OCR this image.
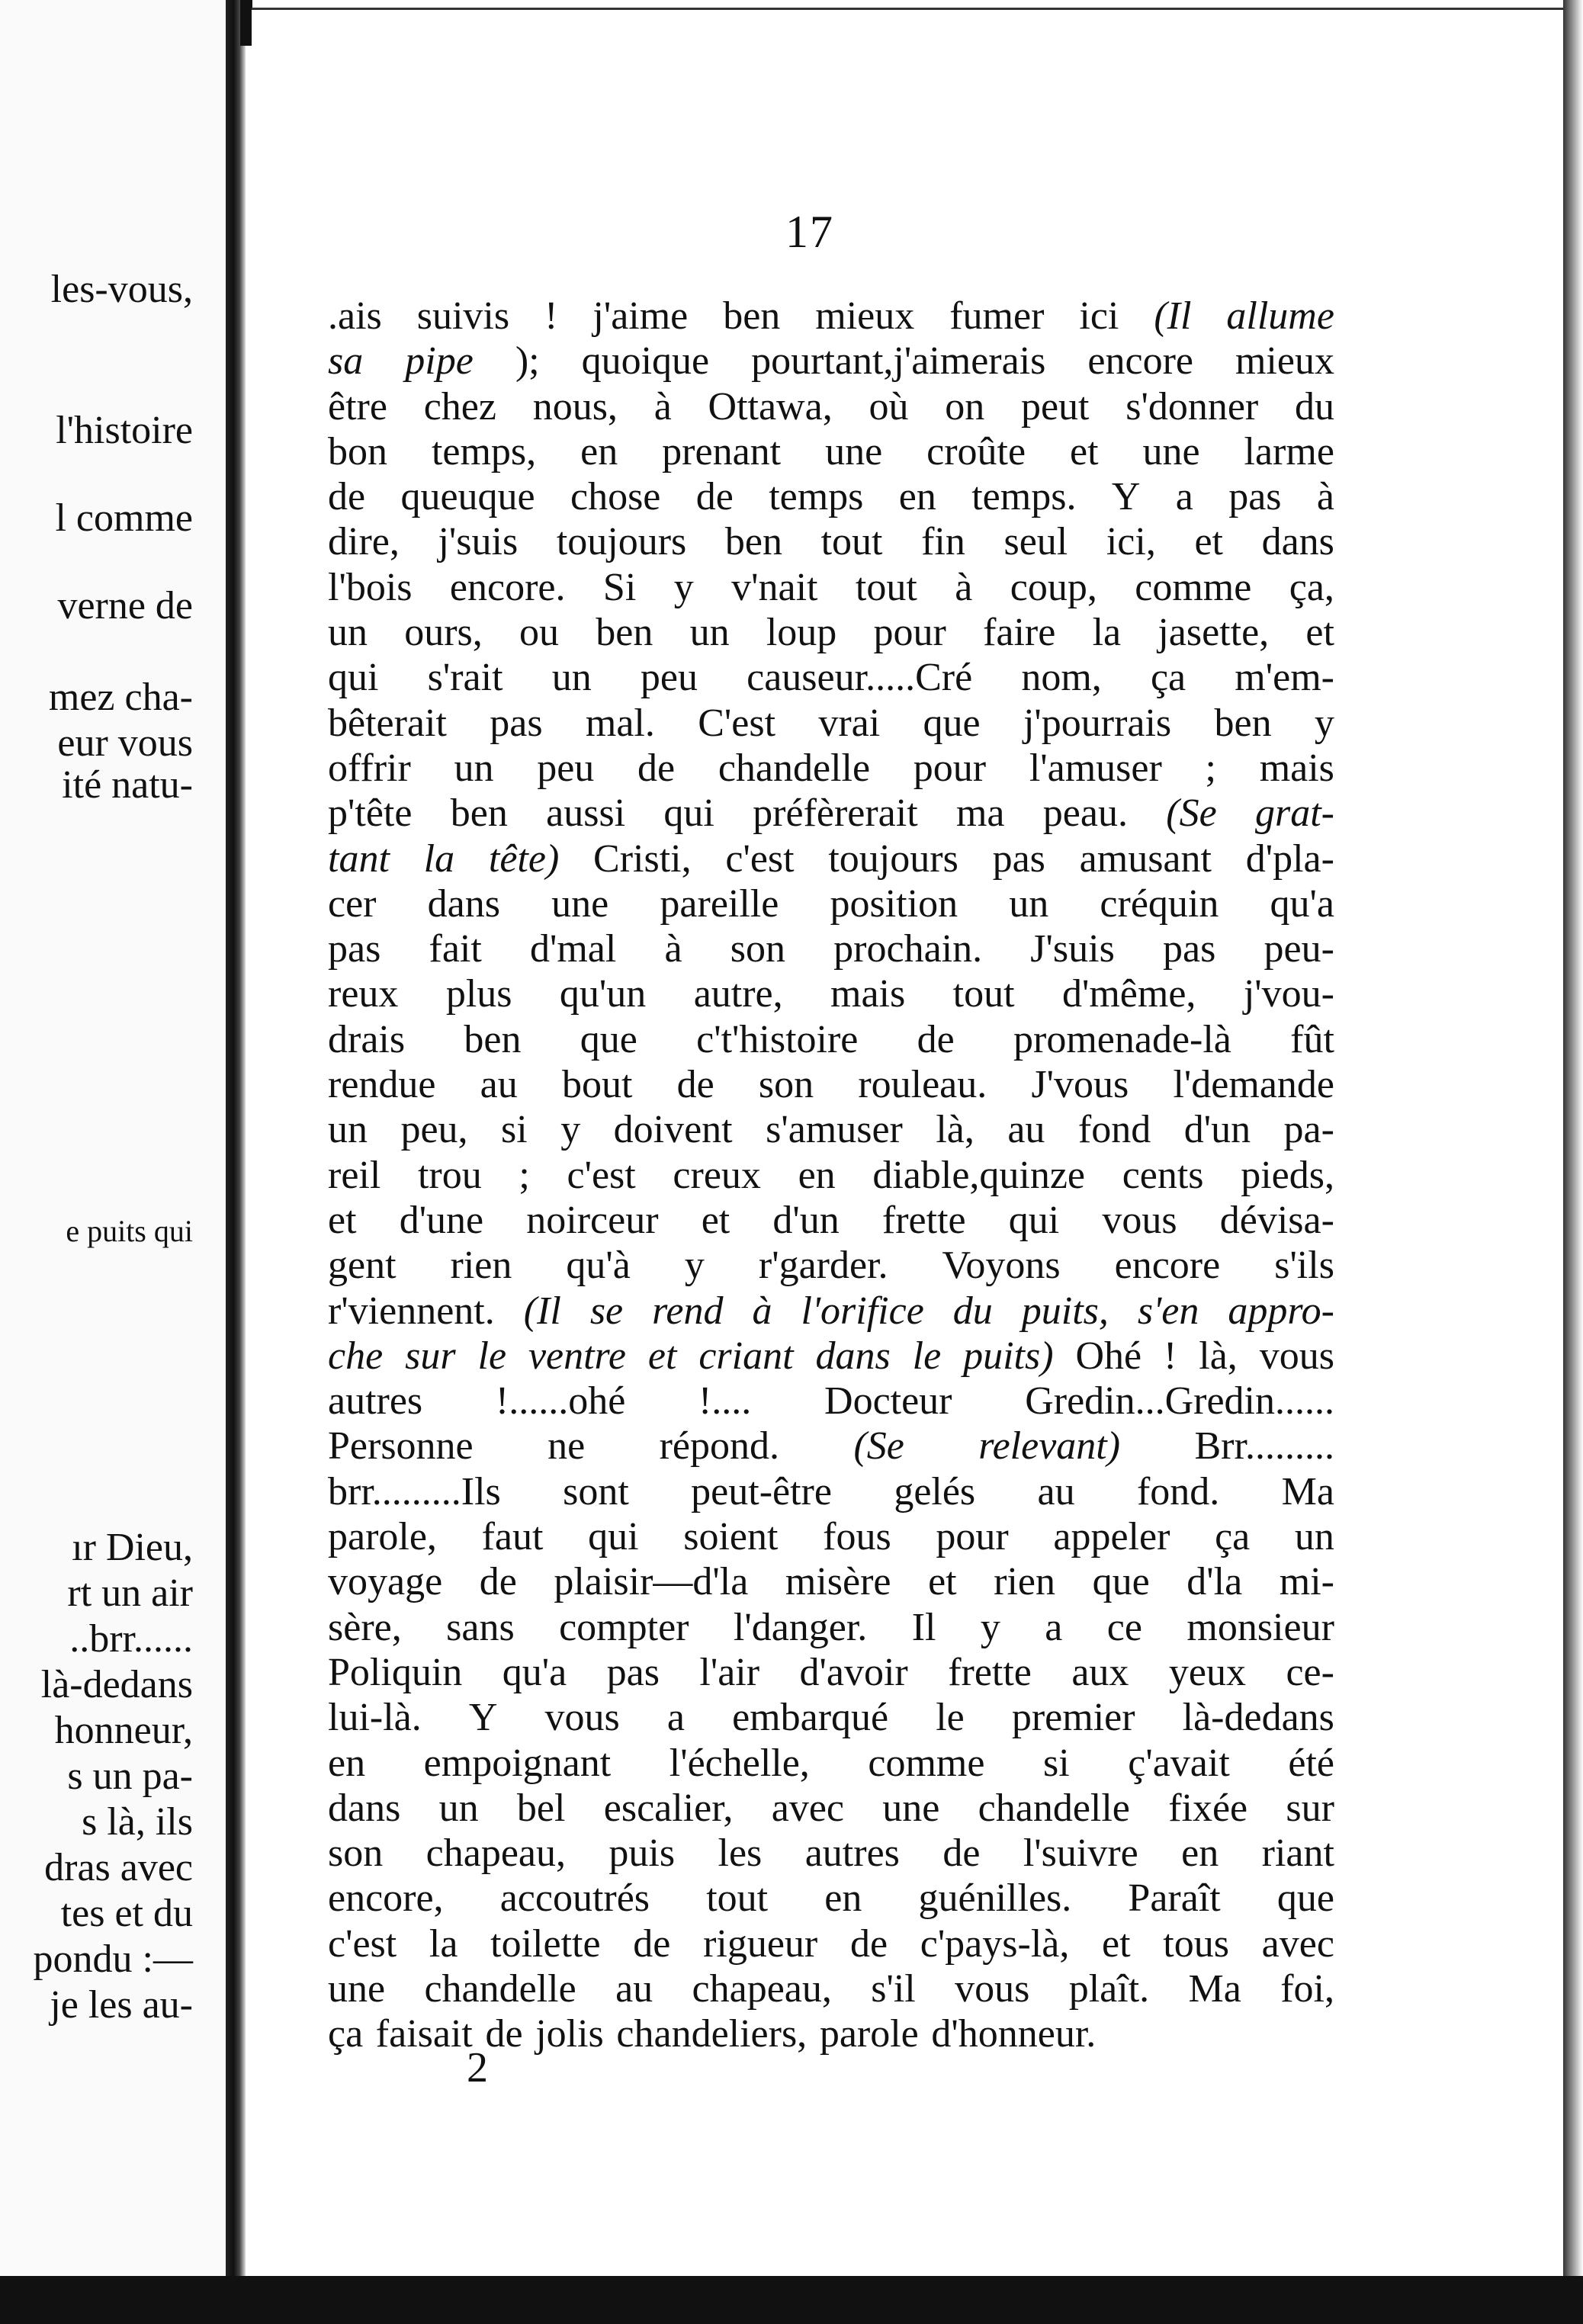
les-vous,
l'histoire
l comme
verne de
mez cha-
eur vous
ité natu-
e puits qui
ır Dieu,
rt un air
..brr......
là-dedans
honneur,
s un pa-
s là, ils
dras avec
tes et du
pondu :—
je les au-
17
.ais suivis ! j'aime ben mieux fumer ici (Il allume
sa pipe ); quoique pourtant,j'aimerais encore mieux
être chez nous, à Ottawa, où on peut s'donner du
bon temps, en prenant une croûte et une larme
de queuque chose de temps en temps. Y a pas à
dire, j'suis toujours ben tout fin seul ici, et dans
l'bois encore. Si y v'nait tout à coup, comme ça,
un ours, ou ben un loup pour faire la jasette, et
qui s'rait un peu causeur.....Cré nom, ça m'em-
bêterait pas mal. C'est vrai que j'pourrais ben y
offrir un peu de chandelle pour l'amuser ; mais
p'tête ben aussi qui préfèrerait ma peau. (Se grat-
tant la tête) Cristi, c'est toujours pas amusant d'pla-
cer dans une pareille position un créquin qu'a
pas fait d'mal à son prochain. J'suis pas peu-
reux plus qu'un autre, mais tout d'même, j'vou-
drais ben que c't'histoire de promenade-là fût
rendue au bout de son rouleau. J'vous l'demande
un peu, si y doivent s'amuser là, au fond d'un pa-
reil trou ; c'est creux en diable,quinze cents pieds,
et d'une noirceur et d'un frette qui vous dévisa-
gent rien qu'à y r'garder. Voyons encore s'ils
r'viennent. (Il se rend à l'orifice du puits, s'en appro-
che sur le ventre et criant dans le puits) Ohé ! là, vous
autres !......ohé !.... Docteur Gredin...Gredin......
Personne ne répond. (Se relevant) Brr.........
brr.........Ils sont peut-être gelés au fond. Ma
parole, faut qui soient fous pour appeler ça un
voyage de plaisir—d'la misère et rien que d'la mi-
sère, sans compter l'danger. Il y a ce monsieur
Poliquin qu'a pas l'air d'avoir frette aux yeux ce-
lui-là. Y vous a embarqué le premier là-dedans
en empoignant l'échelle, comme si ç'avait été
dans un bel escalier, avec une chandelle fixée sur
son chapeau, puis les autres de l'suivre en riant
encore, accoutrés tout en guénilles. Paraît que
c'est la toilette de rigueur de c'pays-là, et tous avec
une chandelle au chapeau, s'il vous plaît. Ma foi,
ça faisait de jolis chandeliers, parole d'honneur.
2
